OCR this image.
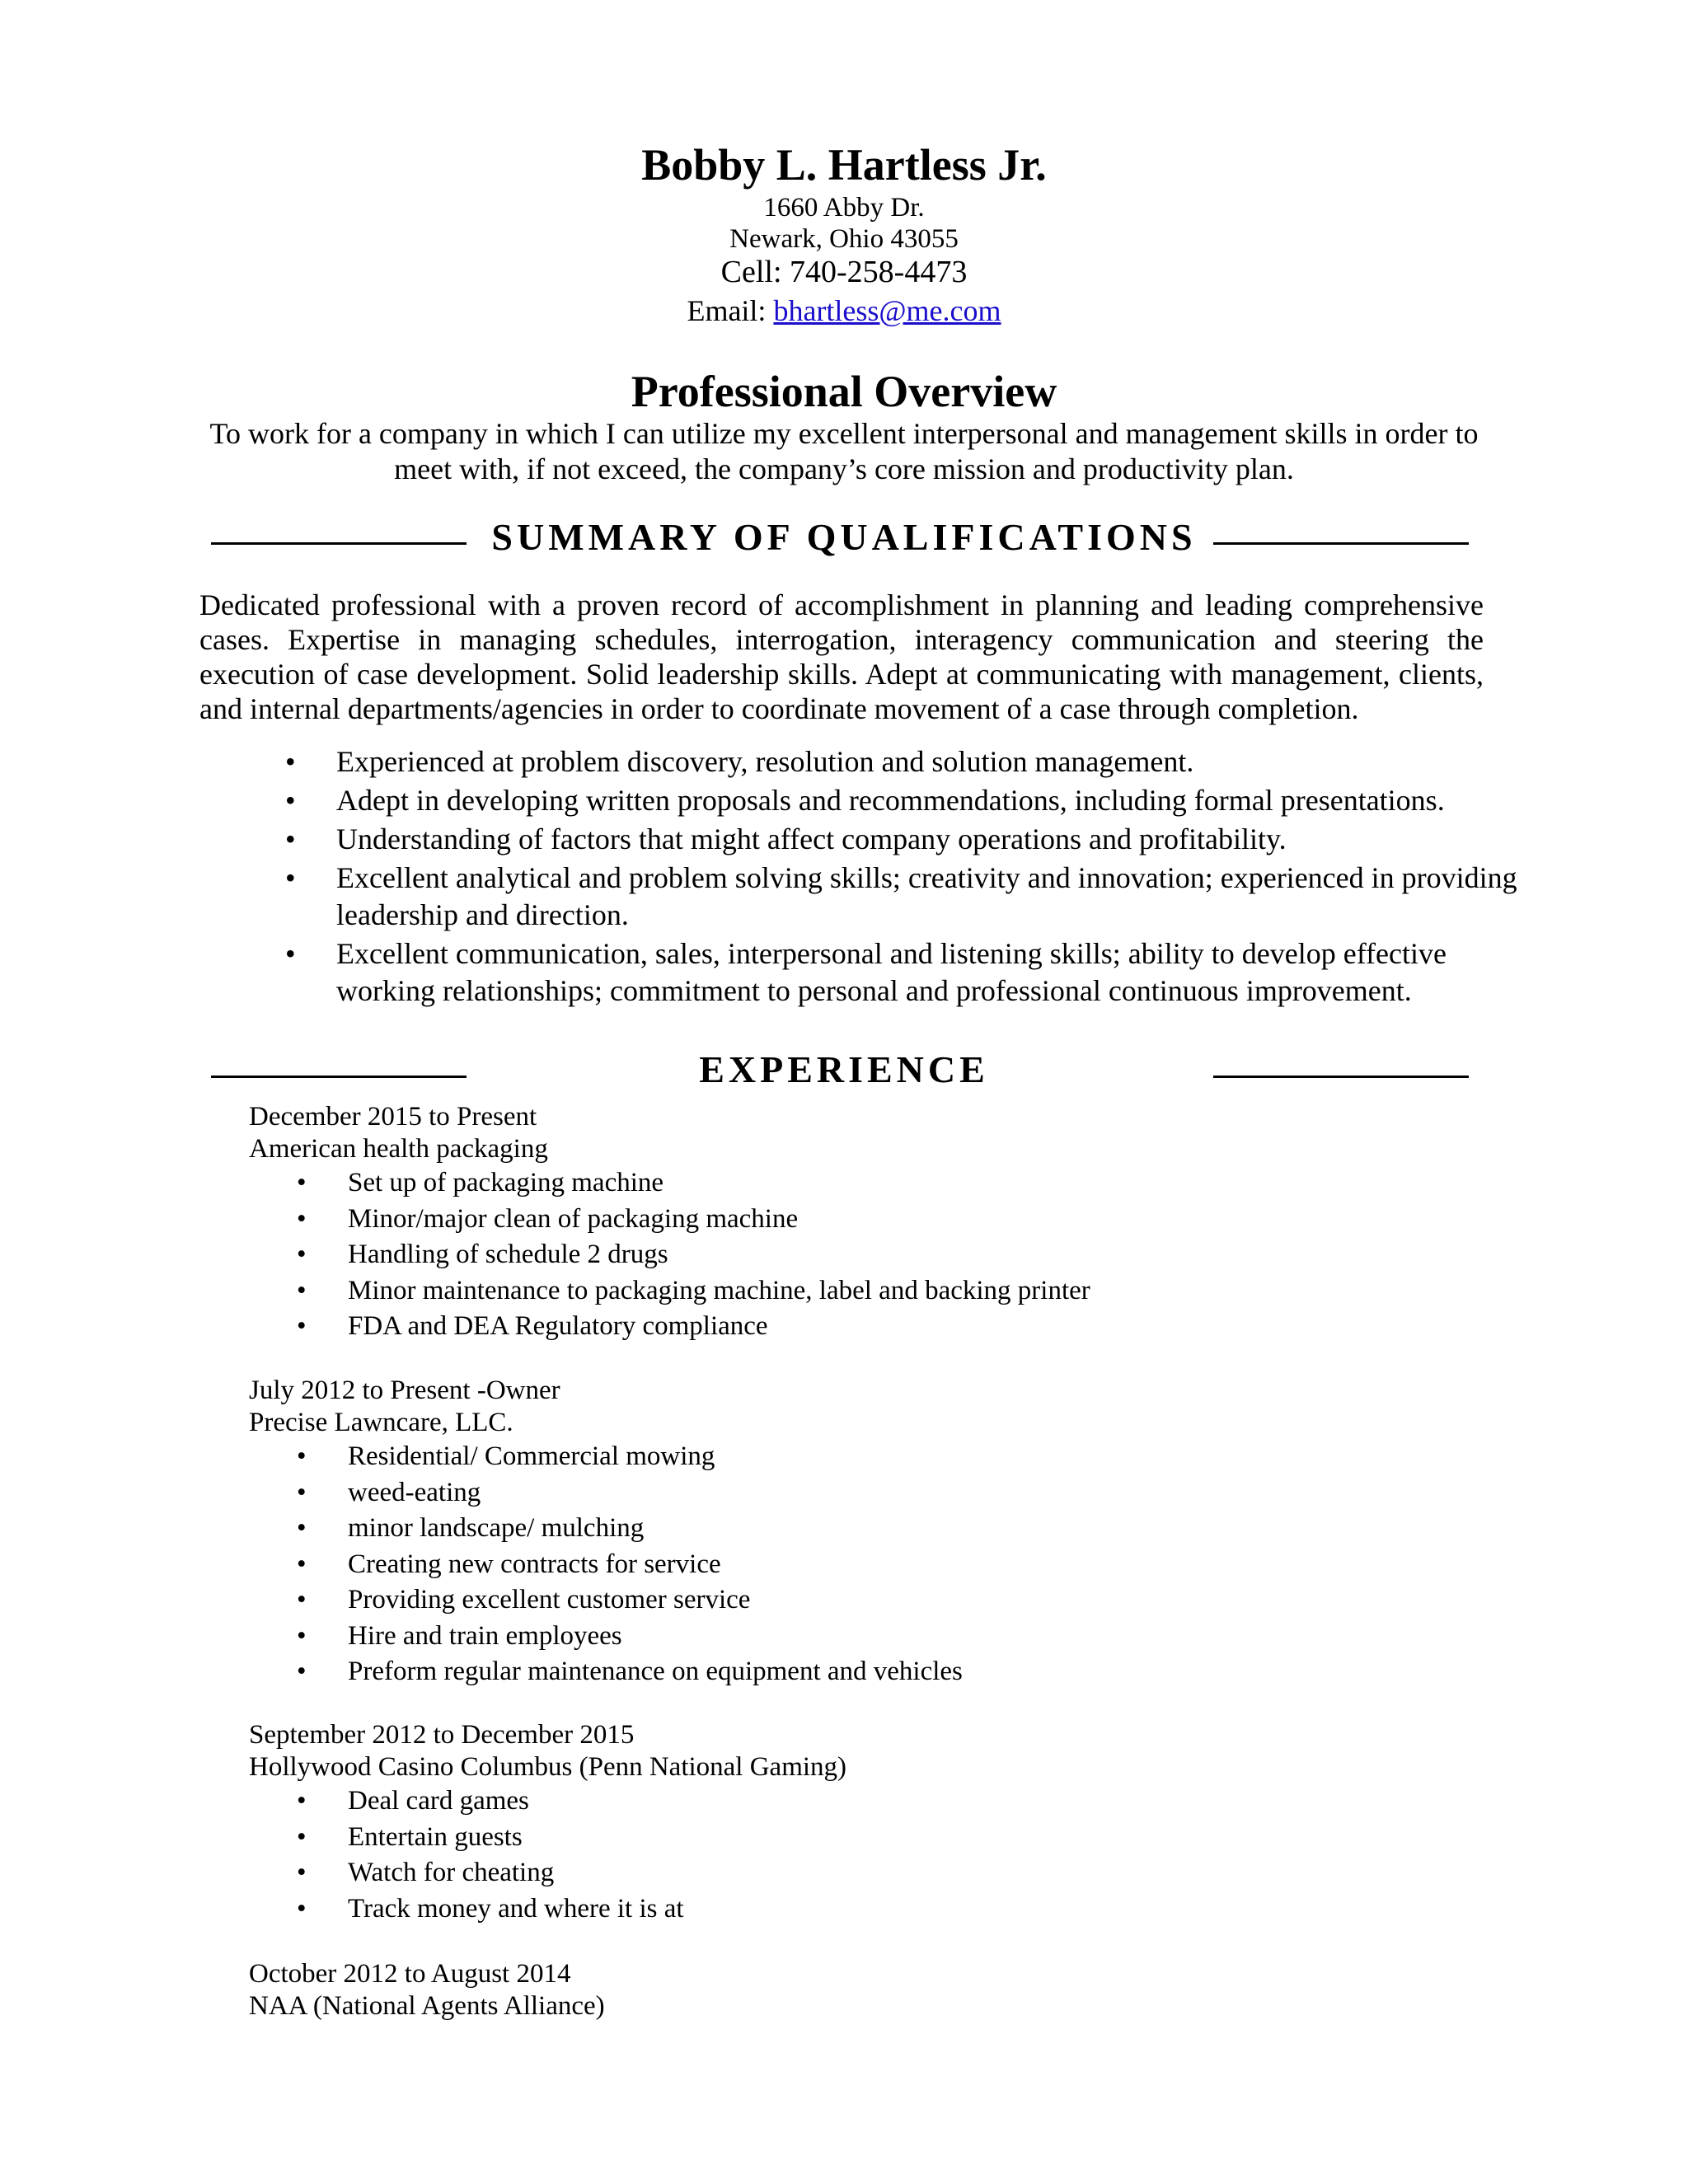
Bobby L. Hartless Jr.
1660 Abby Dr.
Newark, Ohio 43055
Cell: 740-258-4473
Email: bhartless@me.com
Professional Overview
To work for a company in which I can utilize my excellent interpersonal and management skills in order to meet with, if not exceed, the company’s core mission and productivity plan.
SUMMARY OF QUALIFICATIONS
Dedicated professional with a proven record of accomplishment in planning and leading comprehensive cases. Expertise in managing schedules, interrogation, interagency communication and steering the execution of case development. Solid leadership skills. Adept at communicating with management, clients, and internal departments/agencies in order to coordinate movement of a case through completion.
• Experienced at problem discovery, resolution and solution management.
• Adept in developing written proposals and recommendations, including formal presentations.
• Understanding of factors that might affect company operations and profitability.
• Excellent analytical and problem solving skills; creativity and innovation; experienced in providing leadership and direction.
• Excellent communication, sales, interpersonal and listening skills; ability to develop effective working relationships; commitment to personal and professional continuous improvement.
EXPERIENCE
December 2015 to Present
American health packaging
• Set up of packaging machine
• Minor/major clean of packaging machine
• Handling of schedule 2 drugs
• Minor maintenance to packaging machine, label and backing printer
• FDA and DEA Regulatory compliance
July 2012 to Present -Owner
Precise Lawncare, LLC.
• Residential/ Commercial mowing
• weed-eating
• minor landscape/ mulching
• Creating new contracts for service
• Providing excellent customer service
• Hire and train employees
• Preform regular maintenance on equipment and vehicles
September 2012 to December 2015
Hollywood Casino Columbus (Penn National Gaming)
• Deal card games
• Entertain guests
• Watch for cheating
• Track money and where it is at
October 2012 to August 2014
NAA (National Agents Alliance)
